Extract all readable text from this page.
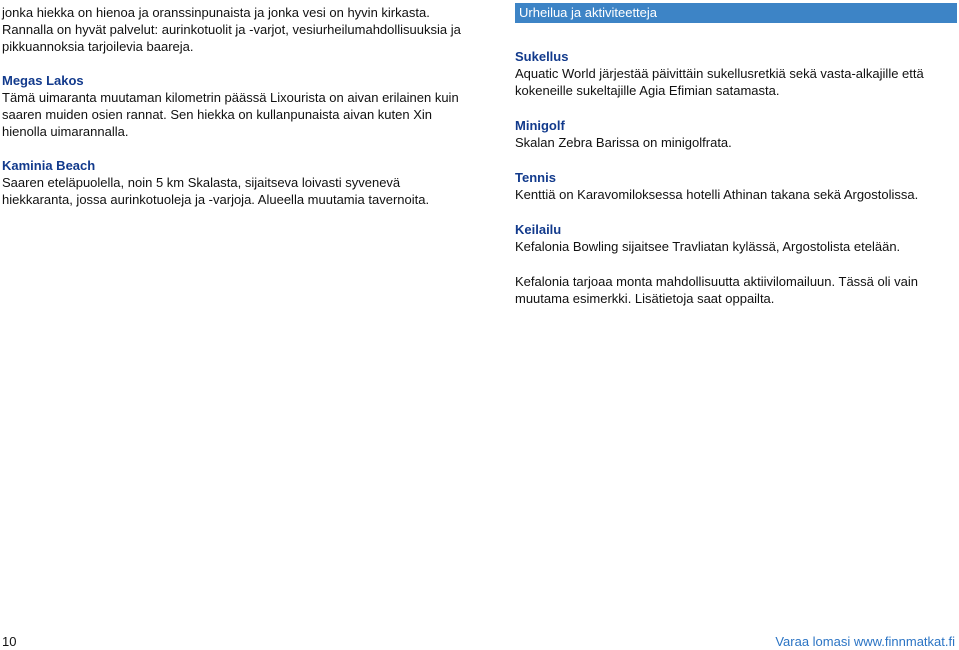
jonka hiekka on hienoa ja oranssinpunaista ja jonka vesi on hyvin kirkasta. Rannalla on hyvät palvelut: aurinkotuolit ja -varjot, vesiurheilumahdollisuuksia ja pikkuannoksia tarjoilevia baareja.

Megas Lakos

Tämä uimaranta muutaman kilometrin päässä Lixourista on aivan erilainen kuin saaren muiden osien rannat. Sen hiekka on kullanpunaista aivan kuten Xin hienolla uimarannalla.

Kaminia Beach

Saaren eteläpuolella, noin 5 km Skalasta, sijaitseva loivasti syvenevä hiekkaranta, jossa aurinkotuoleja ja -varjoja. Alueella muutamia tavernoita.

Urheilua ja aktiviteetteja

Sukellus

Aquatic World järjestää päivittäin sukellusretkiä sekä vasta-alkajille että kokeneille sukeltajille Agia Efimian satamasta.

Minigolf

Skalan Zebra Barissa on minigolfrata.

Tennis

Kenttiä on Karavomiloksessa hotelli Athinan takana sekä Argostolissa.

Keilailu

Kefalonia Bowling sijaitsee Travliatan kylässä, Argostolista etelään.

Kefalonia tarjoaa monta mahdollisuutta aktiivilomailuun. Tässä oli vain muutama esimerkki. Lisätietoja saat oppailta.

10	Varaa lomasi www.finnmatkat.fi
